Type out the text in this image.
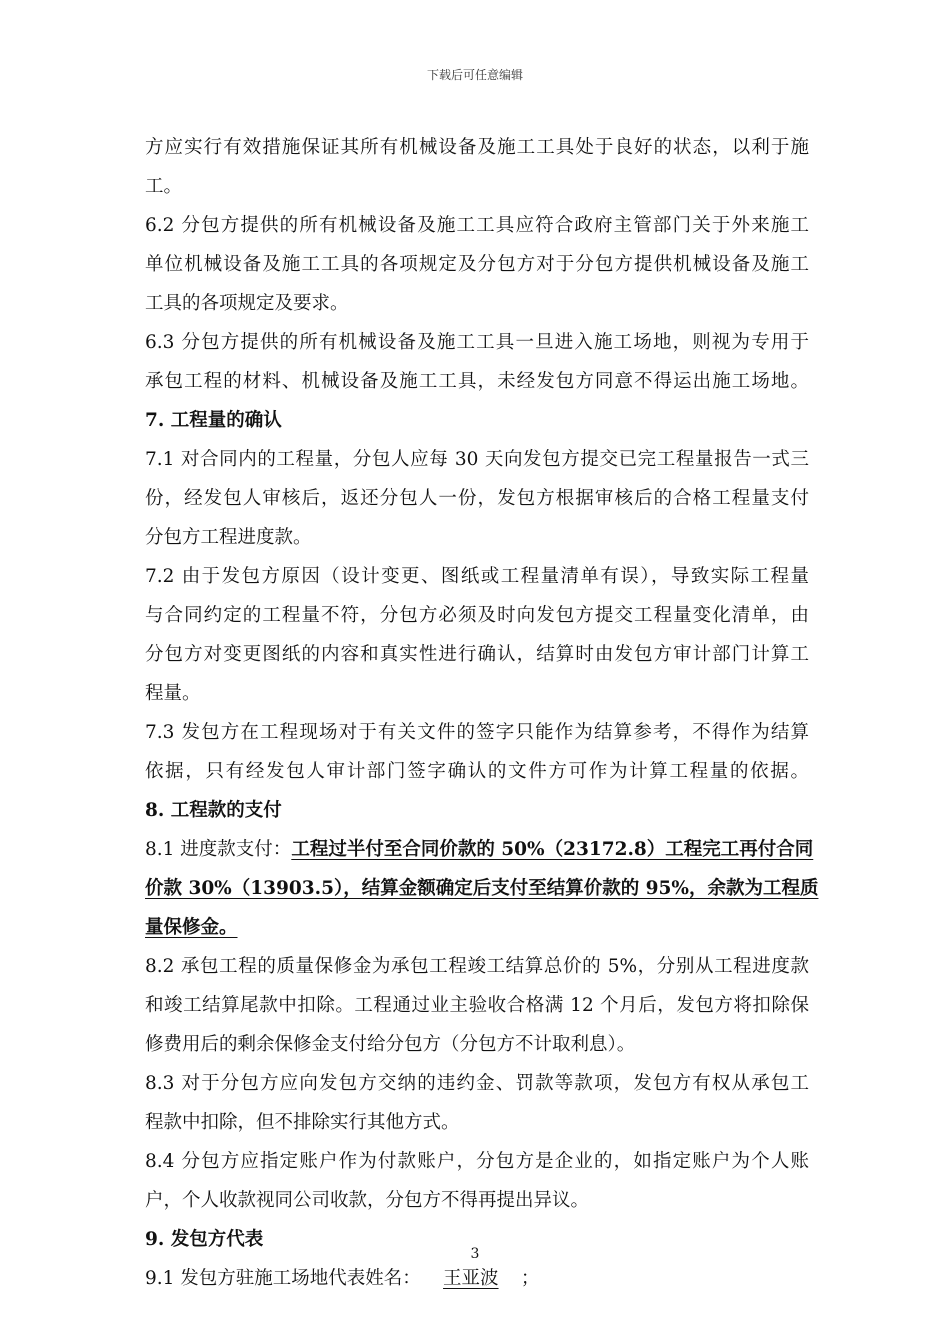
下载后可任意编辑
方应实行有效措施保证其所有机械设备及施工工具处于良好的状态，以利于施
工。
6.2 分包方提供的所有机械设备及施工工具应符合政府主管部门关于外来施工
单位机械设备及施工工具的各项规定及分包方对于分包方提供机械设备及施工
工具的各项规定及要求。
6.3 分包方提供的所有机械设备及施工工具一旦进入施工场地，则视为专用于
承包工程的材料、机械设备及施工工具，未经发包方同意不得运出施工场地。
7. 工程量的确认
7.1 对合同内的工程量，分包人应每 30 天向发包方提交已完工程量报告一式三
份，经发包人审核后，返还分包人一份，发包方根据审核后的合格工程量支付
分包方工程进度款。
7.2 由于发包方原因（设计变更、图纸或工程量清单有误），导致实际工程量
与合同约定的工程量不符，分包方必须及时向发包方提交工程量变化清单，由
分包方对变更图纸的内容和真实性进行确认，结算时由发包方审计部门计算工
程量。
7.3 发包方在工程现场对于有关文件的签字只能作为结算参考，不得作为结算
依据，只有经发包人审计部门签字确认的文件方可作为计算工程量的依据。
8. 工程款的支付
8.1 进度款支付：工程过半付至合同价款的 50%（23172.8）工程完工再付合同
价款 30%（13903.5），结算金额确定后支付至结算价款的 95%，余款为工程质
量保修金。
8.2 承包工程的质量保修金为承包工程竣工结算总价的 5%，分别从工程进度款
和竣工结算尾款中扣除。工程通过业主验收合格满 12 个月后，发包方将扣除保
修费用后的剩余保修金支付给分包方（分包方不计取利息）。
8.3 对于分包方应向发包方交纳的违约金、罚款等款项，发包方有权从承包工
程款中扣除，但不排除实行其他方式。
8.4 分包方应指定账户作为付款账户，分包方是企业的，如指定账户为个人账
户，个人收款视同公司收款，分包方不得再提出异议。
9. 发包方代表
9.1 发包方驻施工场地代表姓名： 王亚波 ；
3
